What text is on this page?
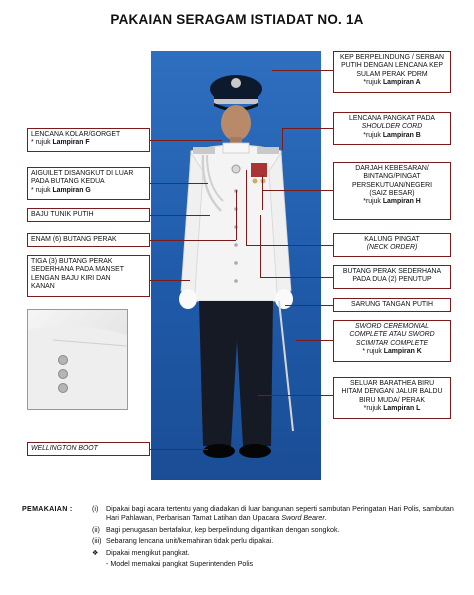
PAKAIAN SERAGAM ISTIADAT NO. 1A
LENCANA KOLAR/GORGET
* rujuk Lampiran F
AIGUILET DISANGKUT DI LUAR
PADA BUTANG KEDUA
* rujuk Lampiran G
BAJU TUNIK PUTIH
ENAM (6) BUTANG PERAK
TIGA (3) BUTANG PERAK
SEDERHANA PADA MANSET
LENGAN BAJU KIRI DAN
KANAN
WELLINGTON BOOT
KEP BERPELINDUNG / SERBAN
PUTIH DENGAN LENCANA KEP
SULAM PERAK PDRM
*rujuk Lampiran A
LENCANA PANGKAT PADA
SHOULDER CORD
*rujuk Lampiran B
DARJAH KEBESARAN/
BINTANG/PINGAT
PERSEKUTUAN/NEGERI
(SAIZ BESAR)
*rujuk Lampiran H
KALUNG PINGAT
(NECK ORDER)
BUTANG PERAK SEDERHANA
PADA DUA (2) PENUTUP
SARUNG TANGAN PUTIH
SWORD CEREMONIAL
COMPLETE ATAU SWORD
SCIMITAR COMPLETE
* rujuk Lampiran K
SELUAR BARATHEA BIRU
HITAM DENGAN JALUR BALDU
BIRU MUDA/ PERAK
*rujuk Lampiran L
PEMAKAIAN :	(i)	Dipakai bagi acara tertentu yang diadakan di luar bangunan seperti sambutan Peringatan Hari Polis, sambutan Hari Pahlawan, Perbarisan Tamat Latihan dan Upacara Sword Bearer.
(ii) Bagi penugasan bertafakur, kep berpelindung digantikan dengan songkok.
(iii) Sebarang lencana unit/kemahiran tidak perlu dipakai.
❖	Dipakai mengikut pangkat.
- Model memakai pangkat Superintenden Polis
